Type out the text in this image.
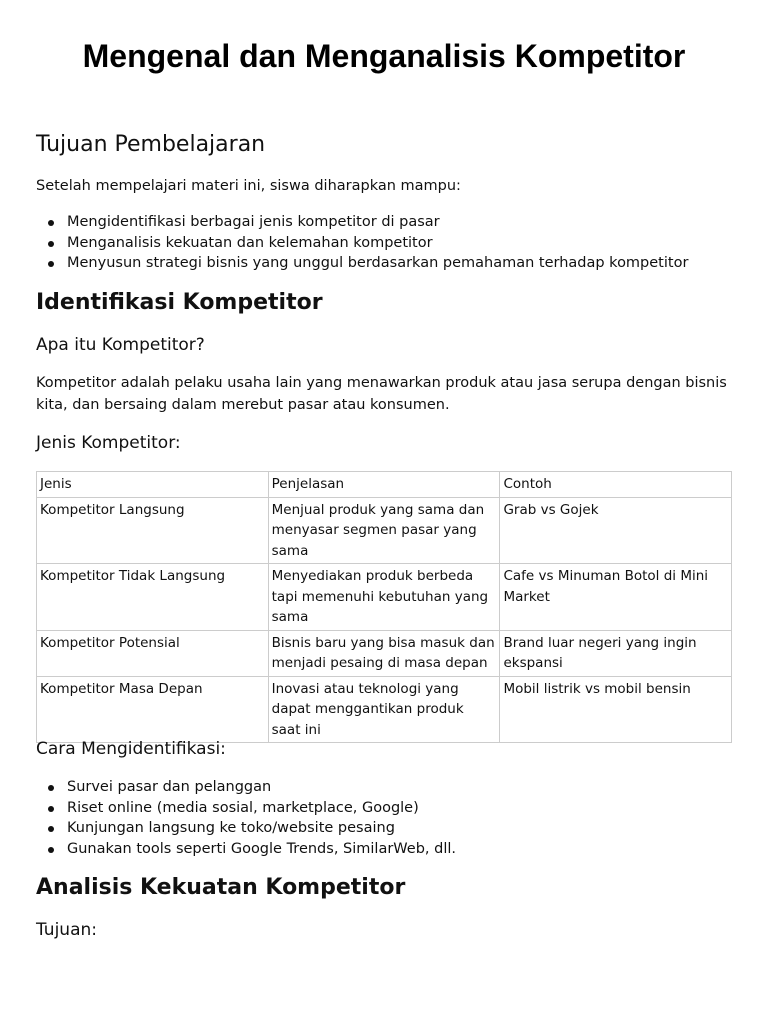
Mengenal dan Menganalisis Kompetitor
Tujuan Pembelajaran

Setelah mempelajari materi ini, siswa diharapkan mampu:

Mengidentifikasi berbagai jenis kompetitor di pasar
Menganalisis kekuatan dan kelemahan kompetitor
Menyusun strategi bisnis yang unggul berdasarkan pemahaman terhadap kompetitor
Identifikasi Kompetitor
Apa itu Kompetitor?

Kompetitor adalah pelaku usaha lain yang menawarkan produk atau jasa serupa dengan bisnis kita, dan bersaing dalam merebut pasar atau konsumen.

Jenis Kompetitor:
Jenis	Penjelasan	Contoh
Kompetitor Langsung	Menjual produk yang sama dan menyasar segmen pasar yang sama	Grab vs Gojek
Kompetitor Tidak Langsung	Menyediakan produk berbeda tapi memenuhi kebutuhan yang sama	Cafe vs Minuman Botol di Mini Market
Kompetitor Potensial	Bisnis baru yang bisa masuk dan menjadi pesaing di masa depan	Brand luar negeri yang ingin ekspansi
Kompetitor Masa Depan	Inovasi atau teknologi yang dapat menggantikan produk saat ini	Mobil listrik vs mobil bensin
Cara Mengidentifikasi:
Survei pasar dan pelanggan
Riset online (media sosial, marketplace, Google)
Kunjungan langsung ke toko/website pesaing
Gunakan tools seperti Google Trends, SimilarWeb, dll.
Analisis Kekuatan Kompetitor
Tujuan:
